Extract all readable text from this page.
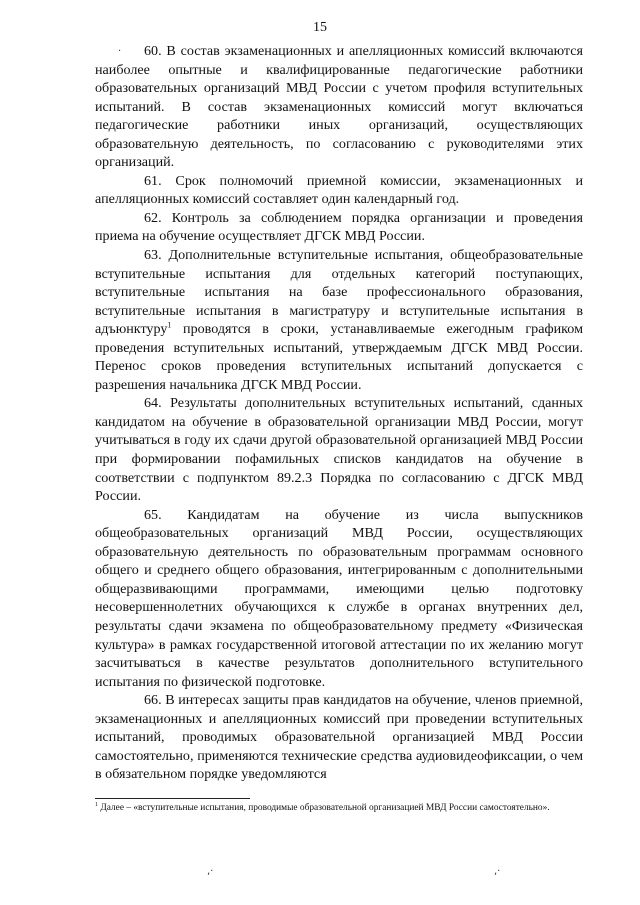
15

60. В состав экзаменационных и апелляционных комиссий включаются наиболее опытные и квалифицированные педагогические работники образовательных организаций МВД России с учетом профиля вступительных испытаний. В состав экзаменационных комиссий могут включаться педагогические работники иных организаций, осуществляющих образовательную деятельность, по согласованию с руководителями этих организаций.

61. Срок полномочий приемной комиссии, экзаменационных и апелляционных комиссий составляет один календарный год.

62. Контроль за соблюдением порядка организации и проведения приема на обучение осуществляет ДГСК МВД России.

63. Дополнительные вступительные испытания, общеобразовательные вступительные испытания для отдельных категорий поступающих, вступительные испытания на базе профессионального образования, вступительные испытания в магистратуру и вступительные испытания в адъюнктуру$^1$ проводятся в сроки, устанавливаемые ежегодным графиком проведения вступительных испытаний, утверждаемым ДГСК МВД России. Перенос сроков проведения вступительных испытаний допускается с разрешения начальника ДГСК МВД России.

64. Результаты дополнительных вступительных испытаний, сданных кандидатом на обучение в образовательной организации МВД России, могут учитываться в году их сдачи другой образовательной организацией МВД России при формировании пофамильных списков кандидатов на обучение в соответствии с подпунктом 89.2.3 Порядка по согласованию с ДГСК МВД России.

65. Кандидатам на обучение из числа выпускников общеобразовательных организаций МВД России, осуществляющих образовательную деятельность по образовательным программам основного общего и среднего общего образования, интегрированным с дополнительными общеразвивающими программами, имеющими целью подготовку несовершеннолетних обучающихся к службе в органах внутренних дел, результаты сдачи экзамена по общеобразовательному предмету «Физическая культура» в рамках государственной итоговой аттестации по их желанию могут засчитываться в качестве результатов дополнительного вступительного испытания по физической подготовке.

66. В интересах защиты прав кандидатов на обучение, членов приемной, экзаменационных и апелляционных комиссий при проведении вступительных испытаний, проводимых образовательной организацией МВД России самостоятельно, применяются технические средства аудиовидеофиксации, о чем в обязательном порядке уведомляются

$^1$ Далее – «вступительные испытания, проводимые образовательной организацией МВД России самостоятельно».

·
,·	,·
